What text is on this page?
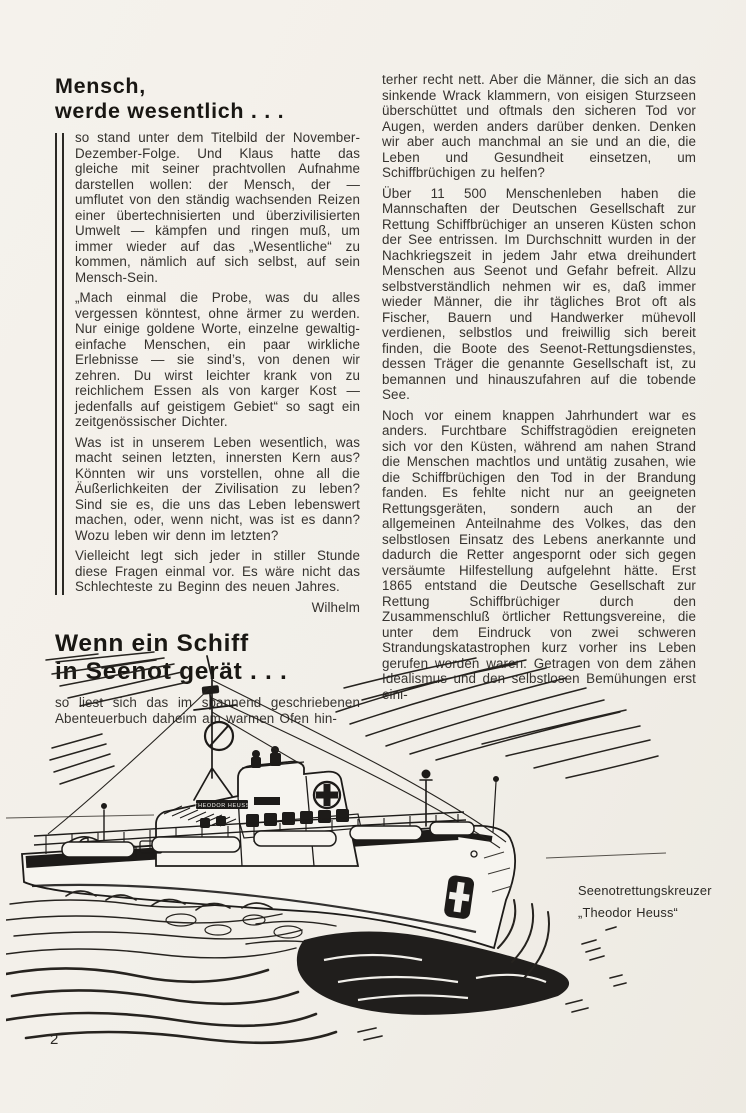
Mensch,
werde wesentlich . . .

so stand unter dem Titelbild der November-Dezember-Folge. Und Klaus hatte das gleiche mit seiner prachtvollen Aufnahme darstellen wollen: der Mensch, der — umflutet von den ständig wachsenden Reizen einer übertechnisierten und überzivilisierten Umwelt — kämpfen und ringen muß, um immer wieder auf das „Wesentliche“ zu kommen, nämlich auf sich selbst, auf sein Mensch-Sein.

„Mach einmal die Probe, was du alles vergessen könntest, ohne ärmer zu werden. Nur einige goldene Worte, einzelne gewaltig-einfache Menschen, ein paar wirkliche Erlebnisse — sie sind’s, von denen wir zehren. Du wirst leichter krank von zu reichlichem Essen als von karger Kost — jedenfalls auf geistigem Gebiet“ so sagt ein zeitgenössischer Dichter.

Was ist in unserem Leben wesentlich, was macht seinen letzten, innersten Kern aus? Könnten wir uns vorstellen, ohne all die Äußerlichkeiten der Zivilisation zu leben? Sind sie es, die uns das Leben lebenswert machen, oder, wenn nicht, was ist es dann? Wozu leben wir denn im letzten?

Vielleicht legt sich jeder in stiller Stunde diese Fragen einmal vor. Es wäre nicht das Schlechteste zu Beginn des neuen Jahres.

Wilhelm

Wenn ein Schiff
in Seenot gerät . . .

so liest sich das im spannend geschriebenen Abenteuerbuch daheim am warmen Ofen hin-

terher recht nett. Aber die Männer, die sich an das sinkende Wrack klammern, von eisigen Sturzseen überschüttet und oftmals den sicheren Tod vor Augen, werden anders darüber denken. Denken wir aber auch manchmal an sie und an die, die Leben und Gesundheit einsetzen, um Schiffbrüchigen zu helfen?

Über 11 500 Menschenleben haben die Mannschaften der Deutschen Gesellschaft zur Rettung Schiffbrüchiger an unseren Küsten schon der See entrissen. Im Durchschnitt wurden in der Nachkriegszeit in jedem Jahr etwa dreihundert Menschen aus Seenot und Gefahr befreit. Allzu selbstverständlich nehmen wir es, daß immer wieder Männer, die ihr tägliches Brot oft als Fischer, Bauern und Handwerker mühevoll verdienen, selbstlos und freiwillig sich bereit finden, die Boote des Seenot-Rettungsdienstes, dessen Träger die genannte Gesellschaft ist, zu bemannen und hinauszufahren auf die tobende See.

Noch vor einem knappen Jahrhundert war es anders. Furchtbare Schiffstragödien ereigneten sich vor den Küsten, während am nahen Strand die Menschen machtlos und untätig zusahen, wie die Schiffbrüchigen den Tod in der Brandung fanden. Es fehlte nicht nur an geeigneten Rettungsgeräten, sondern auch an der allgemeinen Anteilnahme des Volkes, das den selbstlosen Einsatz des Lebens anerkannte und dadurch die Retter angespornt oder sich gegen versäumte Hilfestellung aufgelehnt hätte. Erst 1865 entstand die Deutsche Gesellschaft zur Rettung Schiffbrüchiger durch den Zusammenschluß örtlicher Rettungsvereine, die unter dem Eindruck von zwei schweren Strandungskatastrophen kurz vorher ins Leben gerufen worden waren. Getragen von dem zähen Idealismus und den selbstlosen Bemühungen erst eini-

THEODOR HEUSS
Seenotrettungskreuzer
„Theodor Heuss“
2
